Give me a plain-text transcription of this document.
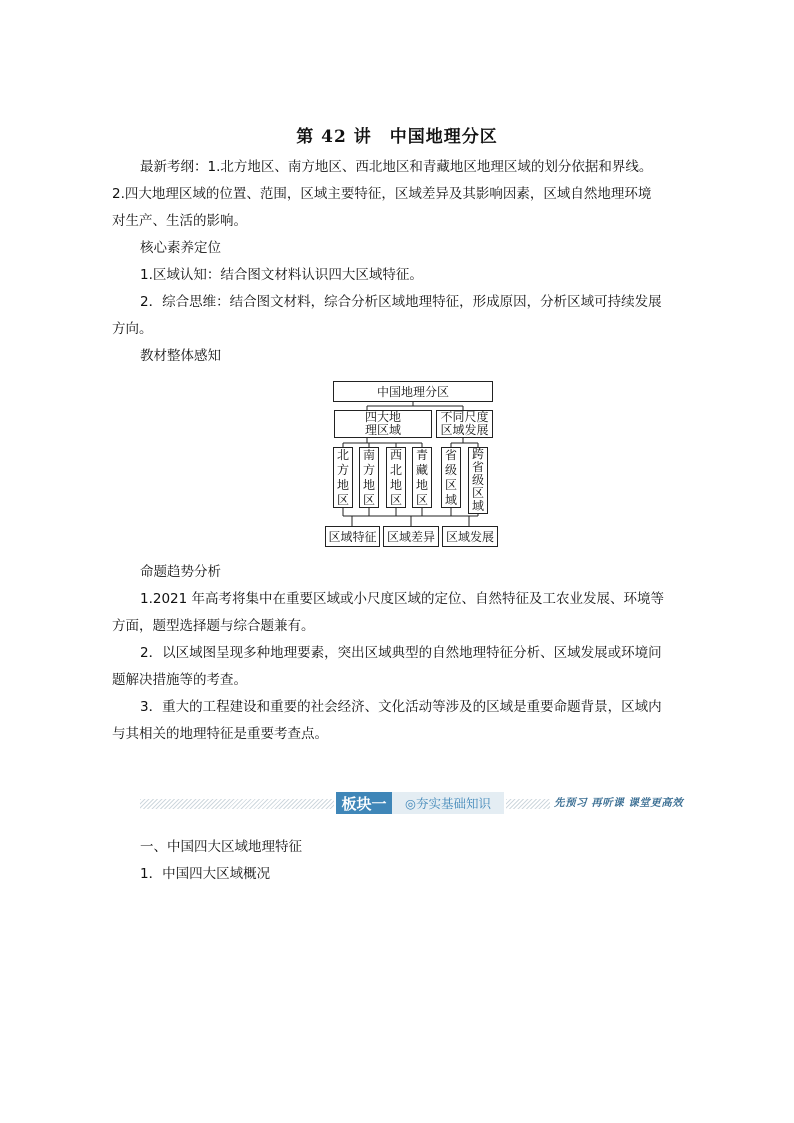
第 42 讲 中国地理分区
最新考纲：1.北方地区、南方地区、西北地区和青藏地区地理区域的划分依据和界线。
2.四大地理区域的位置、范围，区域主要特征，区域差异及其影响因素，区域自然地理环境
对生产、生活的影响。
核心素养定位
1.区域认知：结合图文材料认识四大区域特征。
2．综合思维：结合图文材料，综合分析区域地理特征，形成原因，分析区域可持续发展
方向。
教材整体感知
中国地理分区
四大地
理区域
不同尺度
区域发展
北
方
地
区
南
方
地
区
西
北
地
区
青
藏
地
区
省
级
区
域
跨
省
级
区
域
区域特征 区域差异 区域发展
命题趋势分析
1.2021 年高考将集中在重要区域或小尺度区域的定位、自然特征及工农业发展、环境等
方面，题型选择题与综合题兼有。
2．以区域图呈现多种地理要素，突出区域典型的自然地理特征分析、区域发展或环境问
题解决措施等的考查。
3．重大的工程建设和重要的社会经济、文化活动等涉及的区域是重要命题背景，区域内
与其相关的地理特征是重要考查点。
板块一	◎夯实基础知识	先预习 再听课 课堂更高效
一、中国四大区域地理特征
1．中国四大区域概况
